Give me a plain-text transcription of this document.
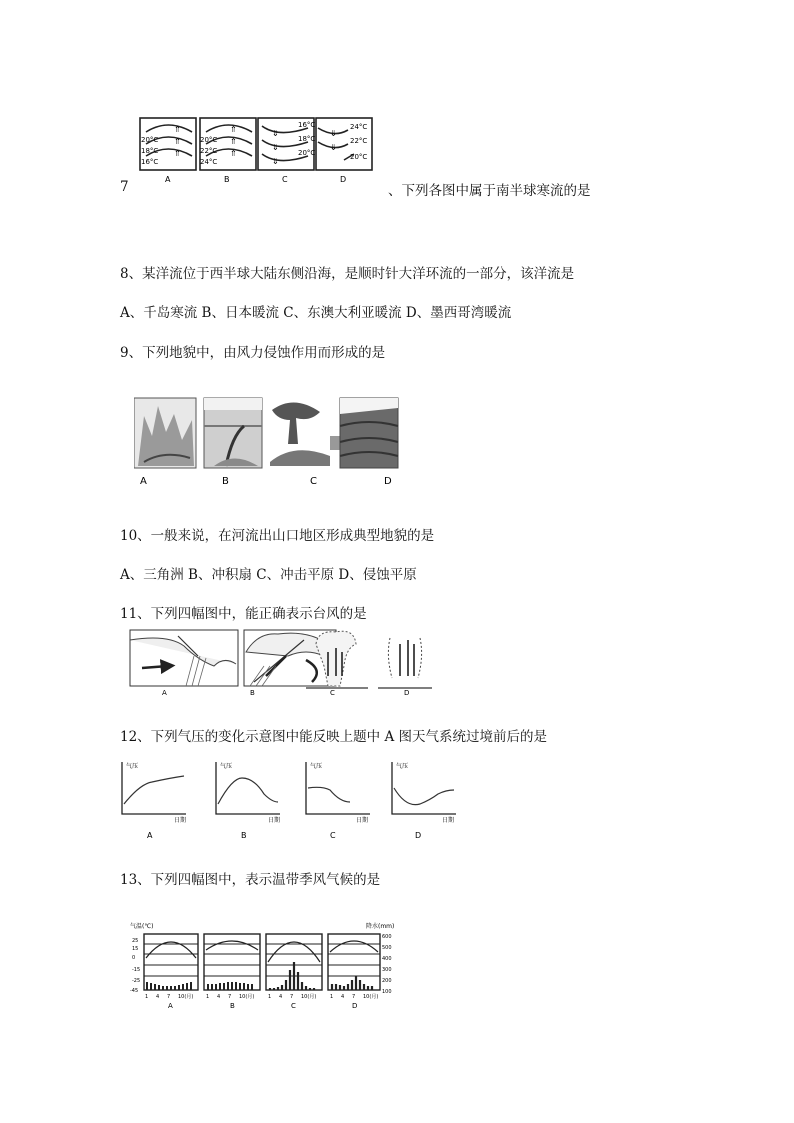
⇑
⇑
⇑
⇑
⇑
⇑
⇓
⇓
⇓
⇓
⇓
20°C
18°C
16°C
20°C
22°C
24°C
16°C
18°C
20°C
24°C
22°C
20°C
A	B	C	D
7	、下列各图中属于南半球寒流的是
8、某洋流位于西半球大陆东侧沿海，是顺时针大洋环流的一部分，该洋流是
A、千岛寒流 B、日本暖流 C、东澳大利亚暖流 D、墨西哥湾暖流
9、下列地貌中，由风力侵蚀作用而形成的是
A	B	C	D
10、一般来说，在河流出山口地区形成典型地貌的是
A、三角洲 B、冲积扇 C、冲击平原 D、侵蚀平原
11、下列四幅图中，能正确表示台风的是
A	B	C	D
12、下列气压的变化示意图中能反映上题中 A 图天气系统过境前后的是
气压
日期
A
气压
日期
B
气压
日期
C
气压
日期
D
13、下列四幅图中，表示温带季风气候的是
气温(℃)	降水(mm)
25
15
0
-15
-25
-45
600
500
400
300
200
100
1 4 7 10(月)
A
1 4 7 10(月)
B
1 4 7 10(月)
C
1 4 7 10(月)
D
